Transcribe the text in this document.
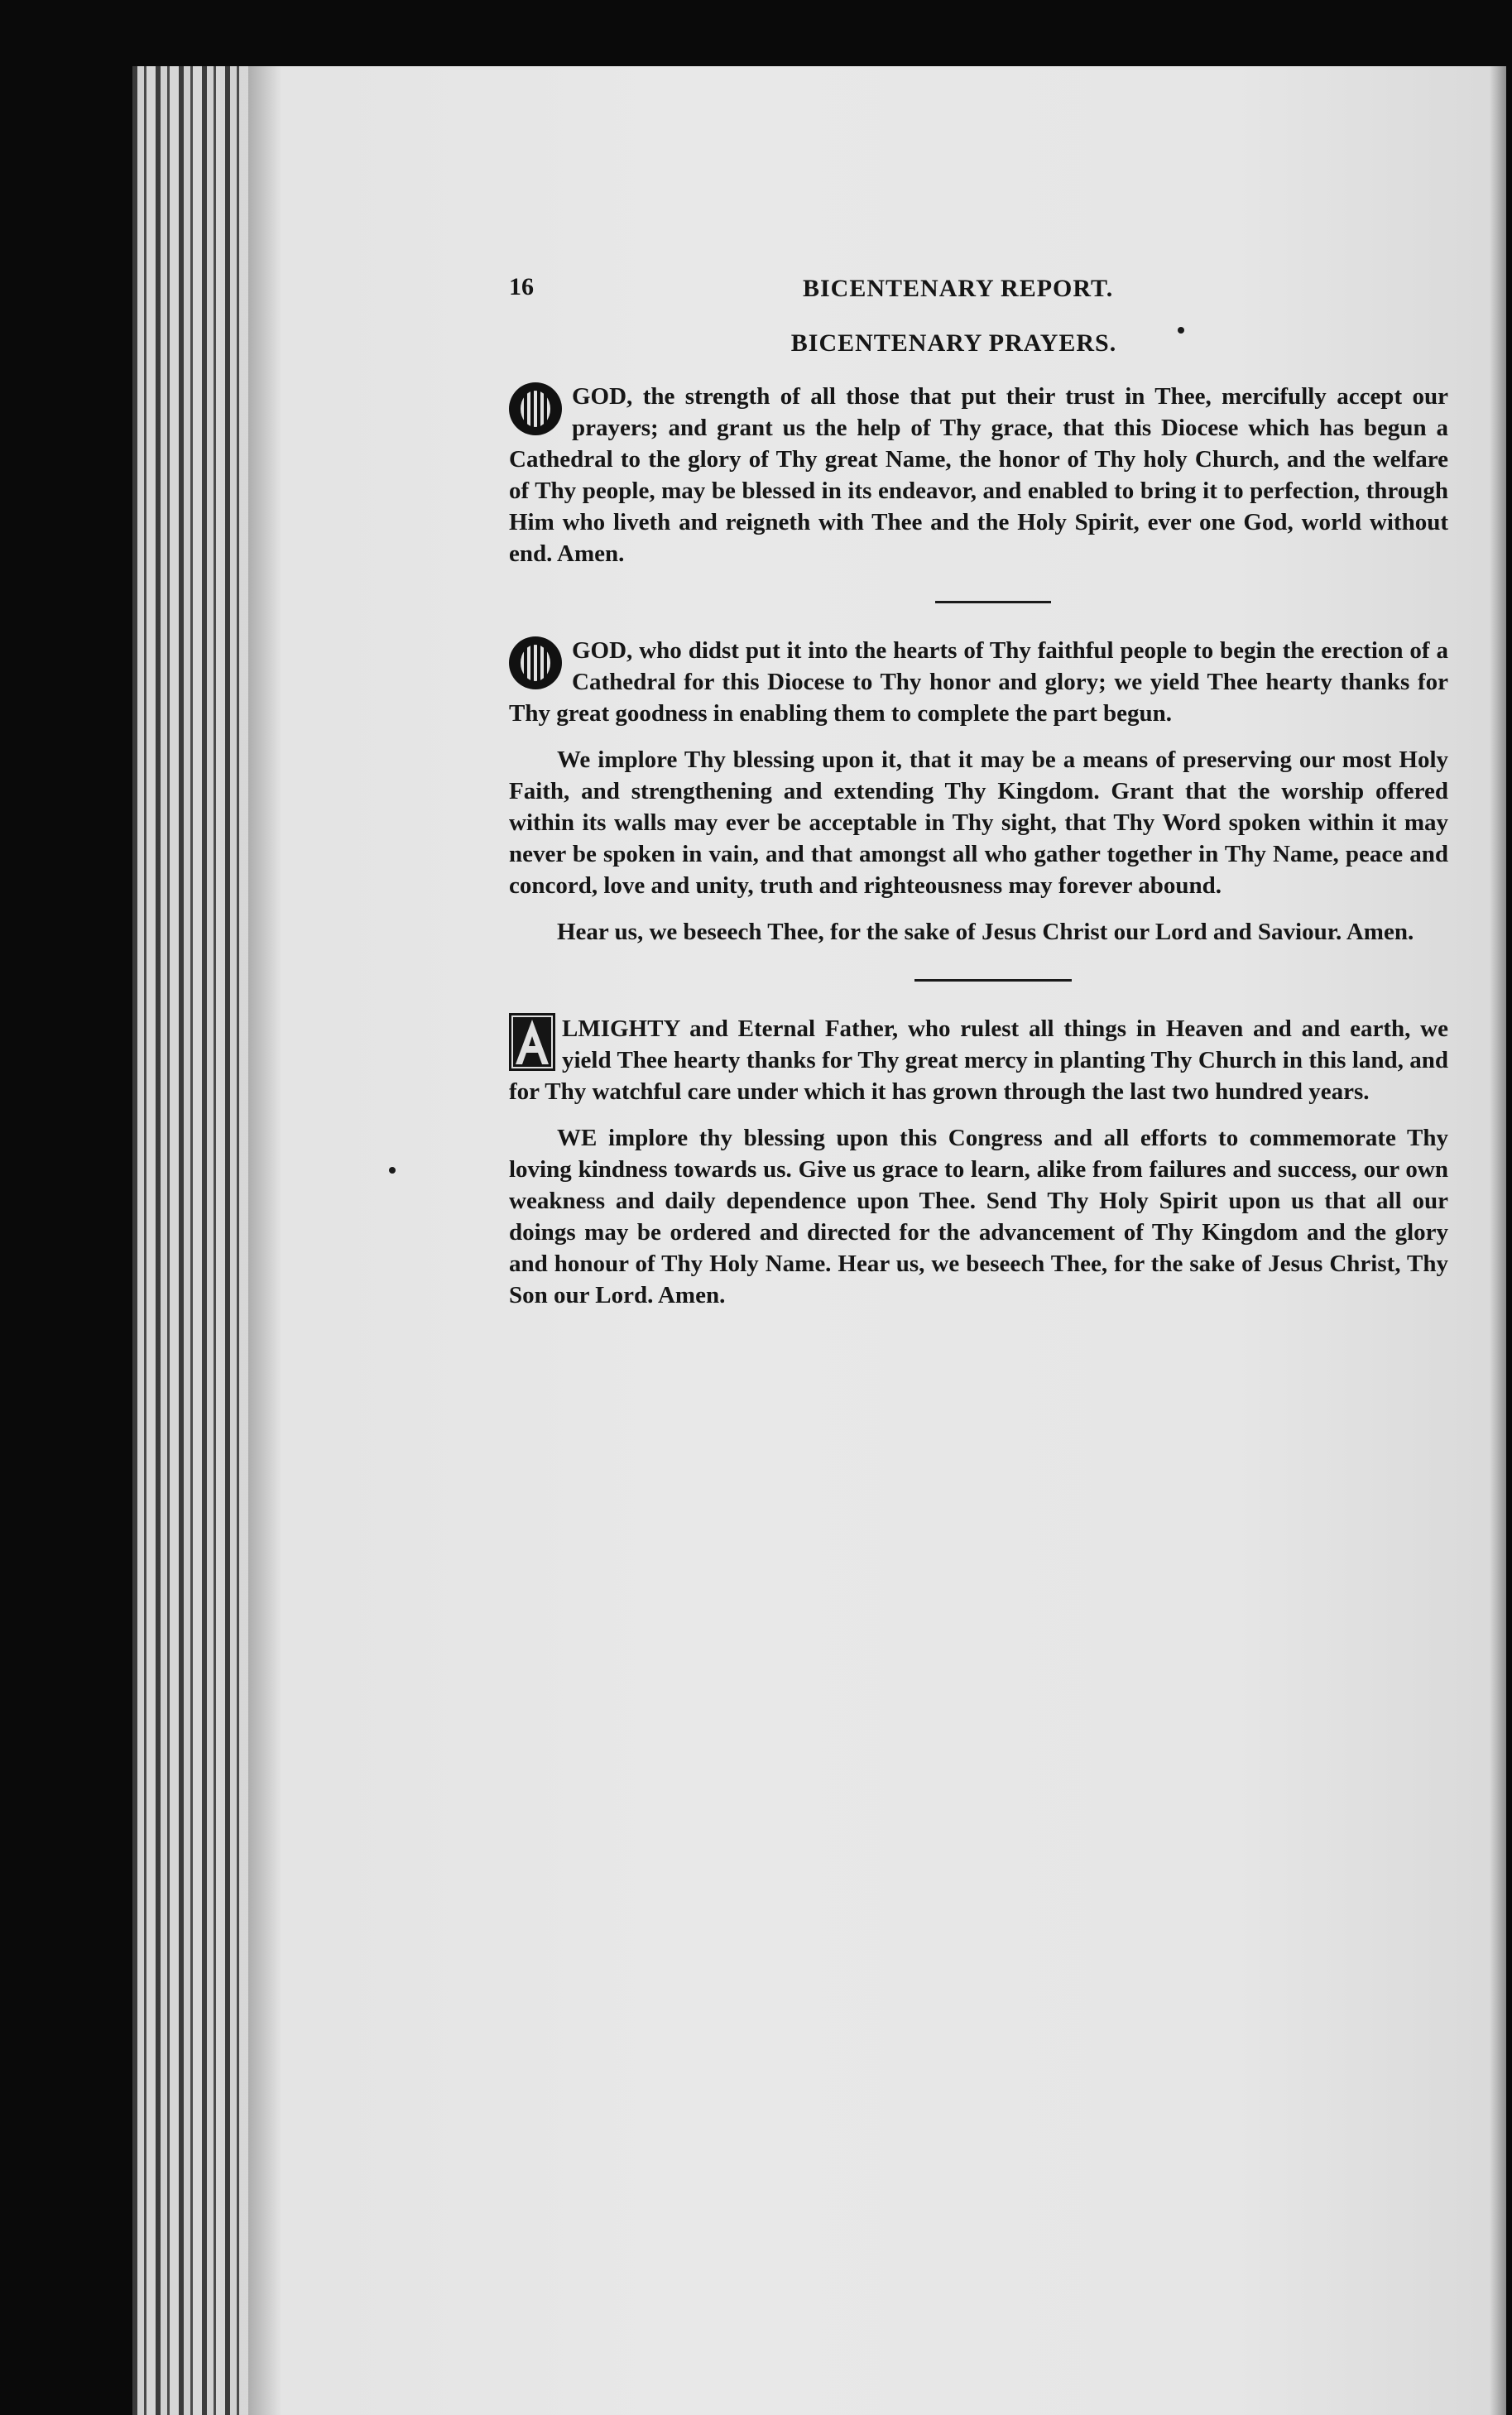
16	BICENTENARY REPORT.
BICENTENARY PRAYERS.
GOD, the strength of all those that put their trust in Thee, mercifully accept our prayers; and grant us the help of Thy grace, that this Diocese which has begun a Cathedral to the glory of Thy great Name, the honor of Thy holy Church, and the welfare of Thy people, may be blessed in its endeavor, and enabled to bring it to perfection, through Him who liveth and reigneth with Thee and the Holy Spirit, ever one God, world without end. Amen.
GOD, who didst put it into the hearts of Thy faithful people to begin the erection of a Cathedral for this Diocese to Thy honor and glory; we yield Thee hearty thanks for Thy great goodness in enabling them to complete the part begun.
We implore Thy blessing upon it, that it may be a means of preserving our most Holy Faith, and strengthening and extending Thy Kingdom. Grant that the worship offered within its walls may ever be acceptable in Thy sight, that Thy Word spoken within it may never be spoken in vain, and that amongst all who gather together in Thy Name, peace and concord, love and unity, truth and righteousness may forever abound.
Hear us, we beseech Thee, for the sake of Jesus Christ our Lord and Saviour. Amen.
LMIGHTY and Eternal Father, who rulest all things in Heaven and and earth, we yield Thee hearty thanks for Thy great mercy in planting Thy Church in this land, and for Thy watchful care under which it has grown through the last two hundred years.
WE implore thy blessing upon this Congress and all efforts to commemorate Thy loving kindness towards us. Give us grace to learn, alike from failures and success, our own weakness and daily dependence upon Thee. Send Thy Holy Spirit upon us that all our doings may be ordered and directed for the advancement of Thy Kingdom and the glory and honour of Thy Holy Name. Hear us, we beseech Thee, for the sake of Jesus Christ, Thy Son our Lord. Amen.
